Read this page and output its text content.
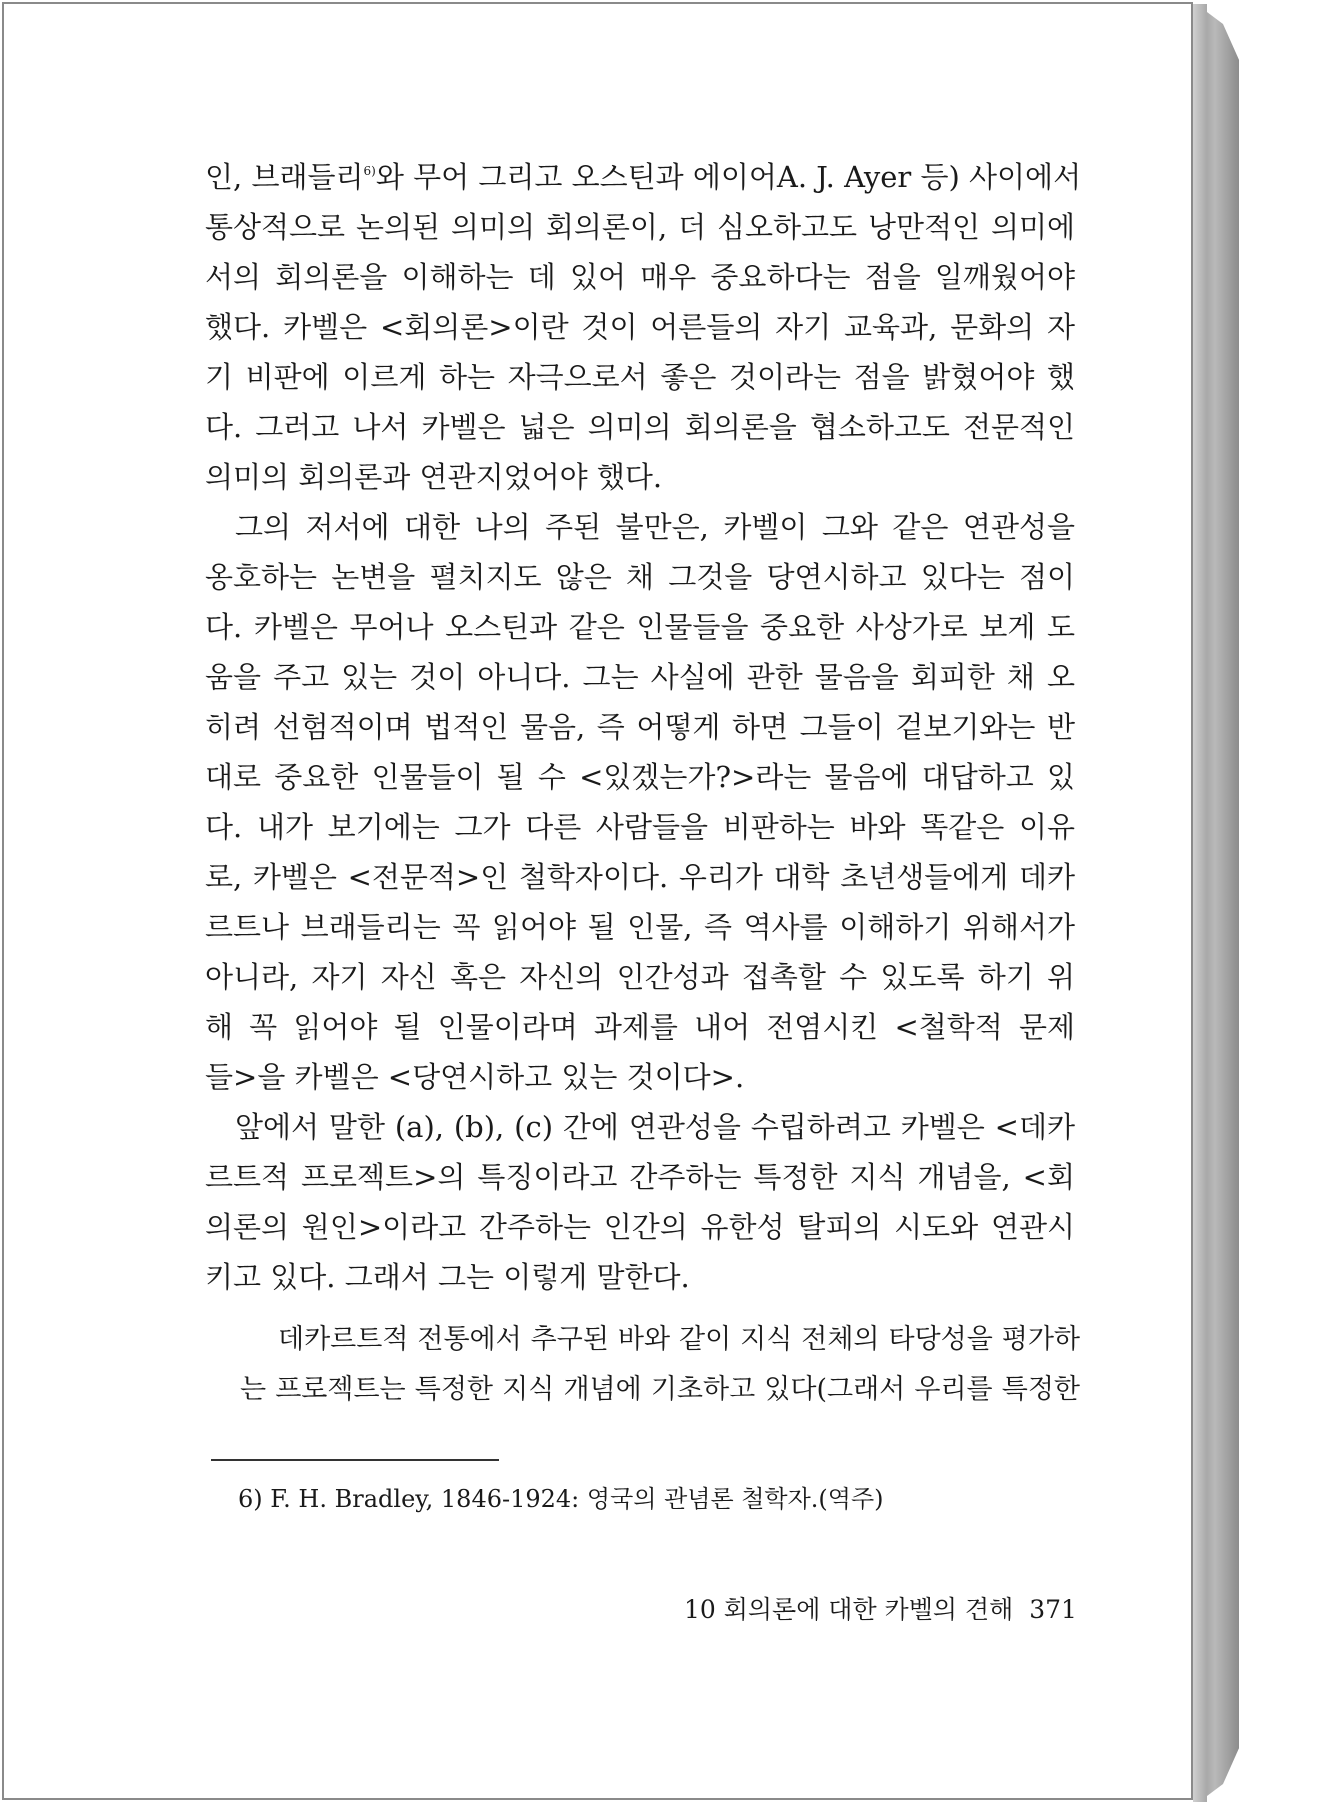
인, 브래들리$^{6)}$와 무어 그리고 오스틴과 에이어A. J. Ayer 등) 사이에서
통상적으로 논의된 의미의 회의론이, 더 심오하고도 낭만적인 의미에
서의 회의론을 이해하는 데 있어 매우 중요하다는 점을 일깨웠어야
했다. 카벨은 <회의론>이란 것이 어른들의 자기 교육과, 문화의 자
기 비판에 이르게 하는 자극으로서 좋은 것이라는 점을 밝혔어야 했
다. 그러고 나서 카벨은 넓은 의미의 회의론을 협소하고도 전문적인
의미의 회의론과 연관지었어야 했다.
그의 저서에 대한 나의 주된 불만은, 카벨이 그와 같은 연관성을
옹호하는 논변을 펼치지도 않은 채 그것을 당연시하고 있다는 점이
다. 카벨은 무어나 오스틴과 같은 인물들을 중요한 사상가로 보게 도
움을 주고 있는 것이 아니다. 그는 사실에 관한 물음을 회피한 채 오
히려 선험적이며 법적인 물음, 즉 어떻게 하면 그들이 겉보기와는 반
대로 중요한 인물들이 될 수 <있겠는가?>라는 물음에 대답하고 있
다. 내가 보기에는 그가 다른 사람들을 비판하는 바와 똑같은 이유
로, 카벨은 <전문적>인 철학자이다. 우리가 대학 초년생들에게 데카
르트나 브래들리는 꼭 읽어야 될 인물, 즉 역사를 이해하기 위해서가
아니라, 자기 자신 혹은 자신의 인간성과 접촉할 수 있도록 하기 위
해 꼭 읽어야 될 인물이라며 과제를 내어 전염시킨 <철학적 문제
들>을 카벨은 <당연시하고 있는 것이다>.
앞에서 말한 (a), (b), (c) 간에 연관성을 수립하려고 카벨은 <데카
르트적 프로젝트>의 특징이라고 간주하는 특정한 지식 개념을, <회
의론의 원인>이라고 간주하는 인간의 유한성 탈피의 시도와 연관시
키고 있다. 그래서 그는 이렇게 말한다.
데카르트적 전통에서 추구된 바와 같이 지식 전체의 타당성을 평가하
는 프로젝트는 특정한 지식 개념에 기초하고 있다(그래서 우리를 특정한
6) F. H. Bradley, 1846-1924: 영국의 관념론 철학자.(역주)
10 회의론에 대한 카벨의 견해 371
